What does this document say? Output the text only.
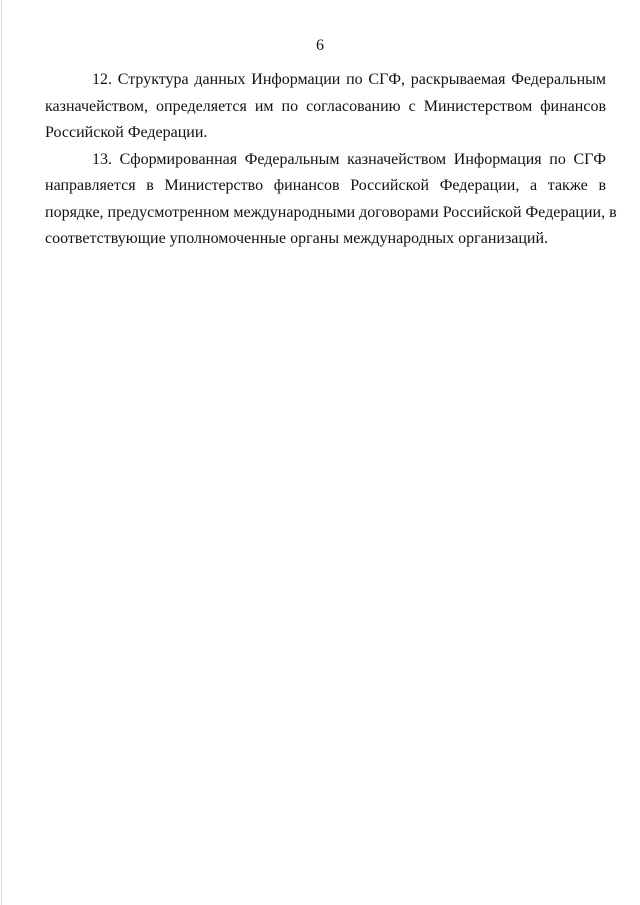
6
12. Структура данных Информации по СГФ, раскрываемая Федеральным
казначейством, определяется им по согласованию с Министерством финансов
Российской Федерации.
13. Сформированная Федеральным казначейством Информация по СГФ
направляется в Министерство финансов Российской Федерации, а также в
порядке, предусмотренном международными договорами Российской Федерации, в
соответствующие уполномоченные органы международных организаций.
